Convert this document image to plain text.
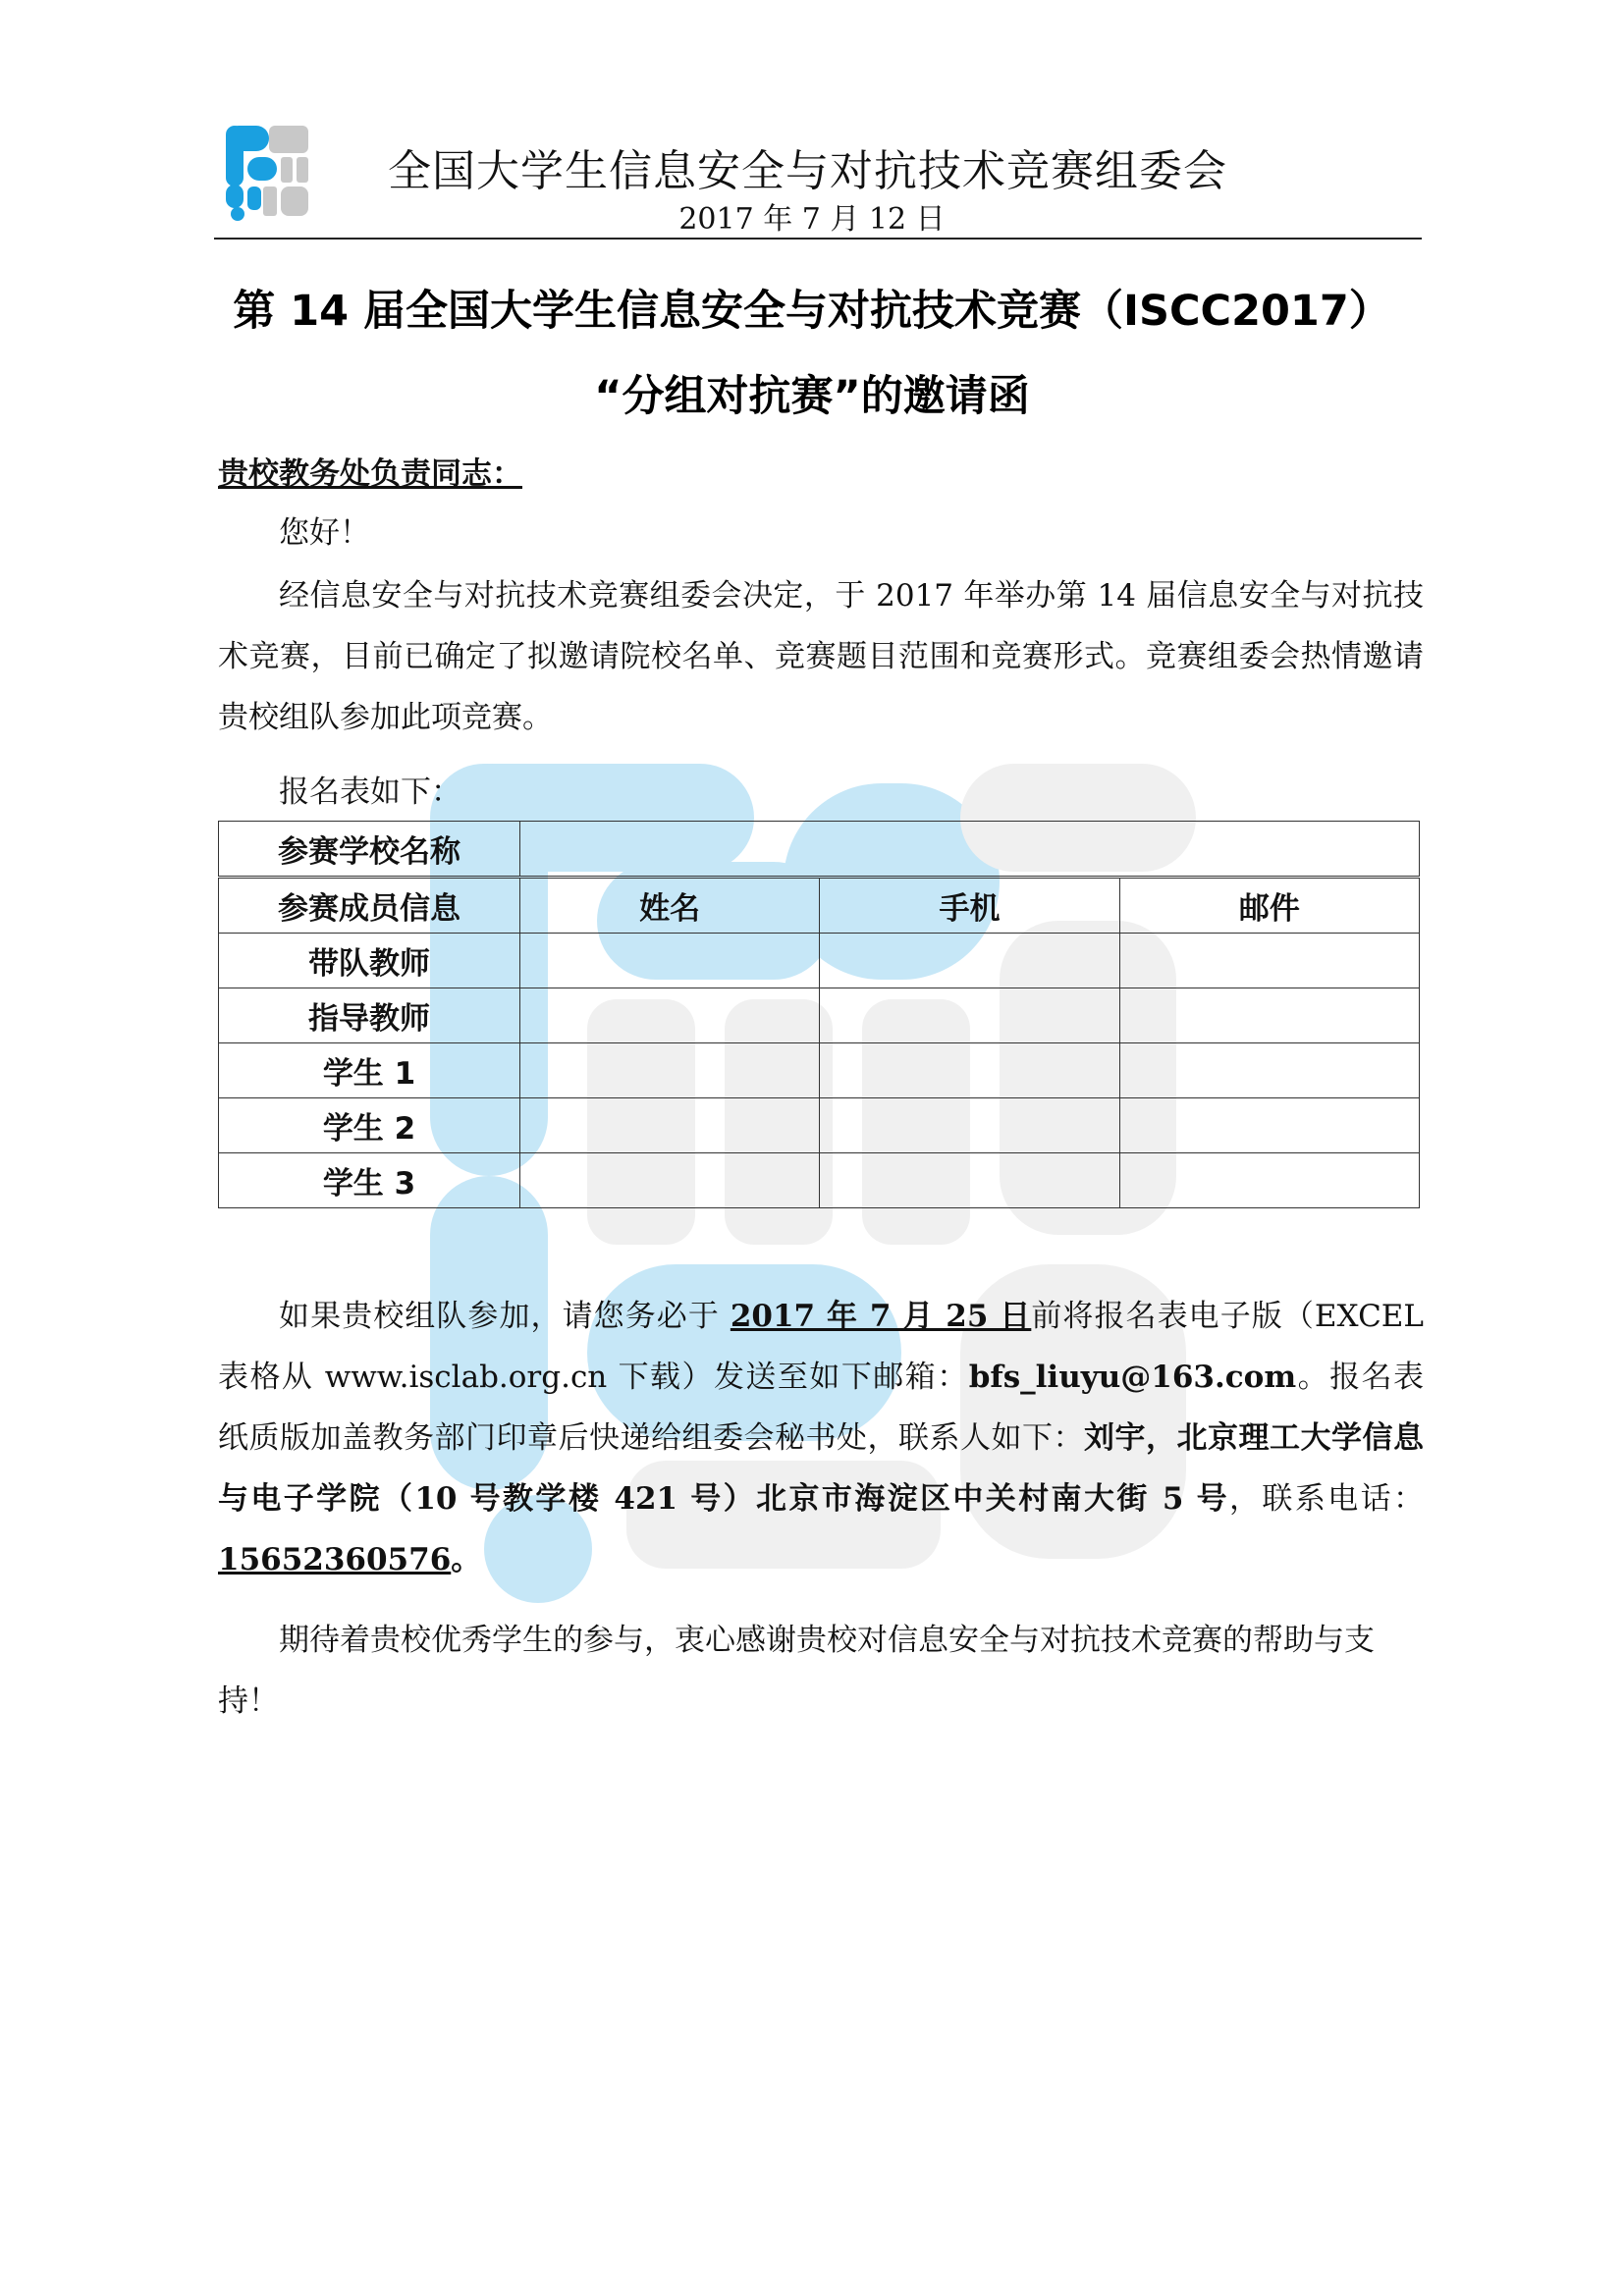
全国大学生信息安全与对抗技术竞赛组委会
2017 年 7 月 12 日
第 14 届全国大学生信息安全与对抗技术竞赛（ISCC2017）
“分组对抗赛”的邀请函
贵校教务处负责同志：
您好！
经信息安全与对抗技术竞赛组委会决定，于 2017 年举办第 14 届信息安全与对抗技术竞赛，目前已确定了拟邀请院校名单、竞赛题目范围和竞赛形式。竞赛组委会热情邀请贵校组队参加此项竞赛。
报名表如下：
参赛学校名称			
参赛成员信息	姓名	手机	邮件
带队教师			
指导教师			
学生 1			
学生 2			
学生 3			
如果贵校组队参加，请您务必于 2017 年 7 月 25 日前将报名表电子版（EXCEL 表格从 www.isclab.org.cn 下载）发送至如下邮箱：bfs_liuyu@163.com。报名表纸质版加盖教务部门印章后快递给组委会秘书处，联系人如下：刘宇，北京理工大学信息与电子学院（10 号教学楼 421 号）北京市海淀区中关村南大街 5 号，联系电话：15652360576。
期待着贵校优秀学生的参与，衷心感谢贵校对信息安全与对抗技术竞赛的帮助与支持！
